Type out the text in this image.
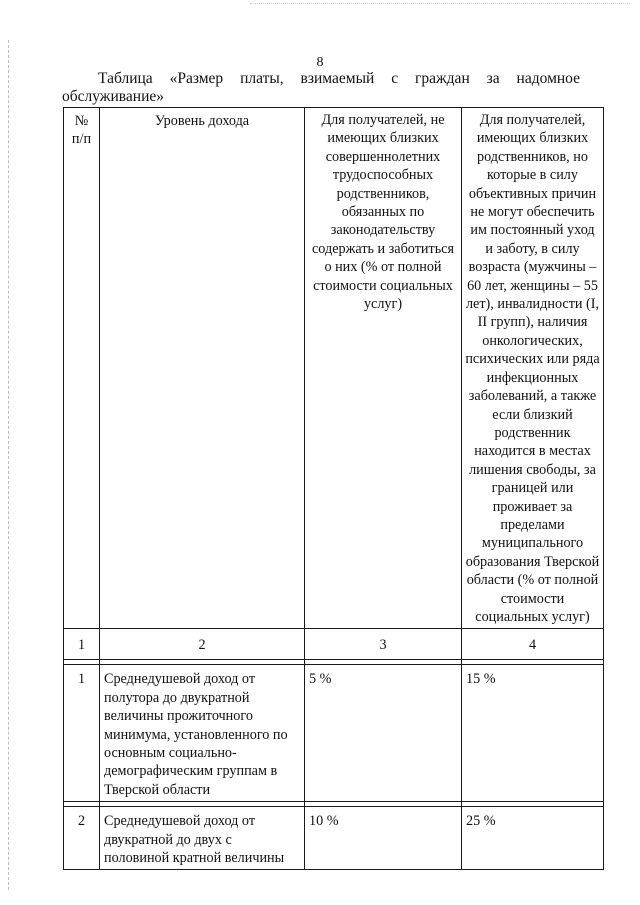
8
Таблица «Размер платы, взимаемый с граждан за надомное
обслуживание»
№ п/п	Уровень дохода	Для получателей, не имеющих близких совершеннолетних трудоспособных родственников, обязанных по законодательству содержать и заботиться о них (% от полной стоимости социальных услуг)	Для получателей, имеющих близких родственников, но которые в силу объективных причин не могут обеспечить им постоянный уход и заботу, в силу возраста (мужчины – 60 лет, женщины – 55 лет), инвалидности (I, II групп), наличия онкологических, психических или ряда инфекционных заболеваний, а также если близкий родственник находится в местах лишения свободы, за границей или проживает за пределами муниципального образования Тверской области (% от полной стоимости социальных услуг)
1	2	3	4

1	Среднедушевой доход от полутора до двукратной величины прожиточного минимума, установленного по основным социально-демографическим группам в Тверской области	5 %	15 %

2	Среднедушевой доход от двукратной до двух с половиной кратной величины	10 %	25 %
